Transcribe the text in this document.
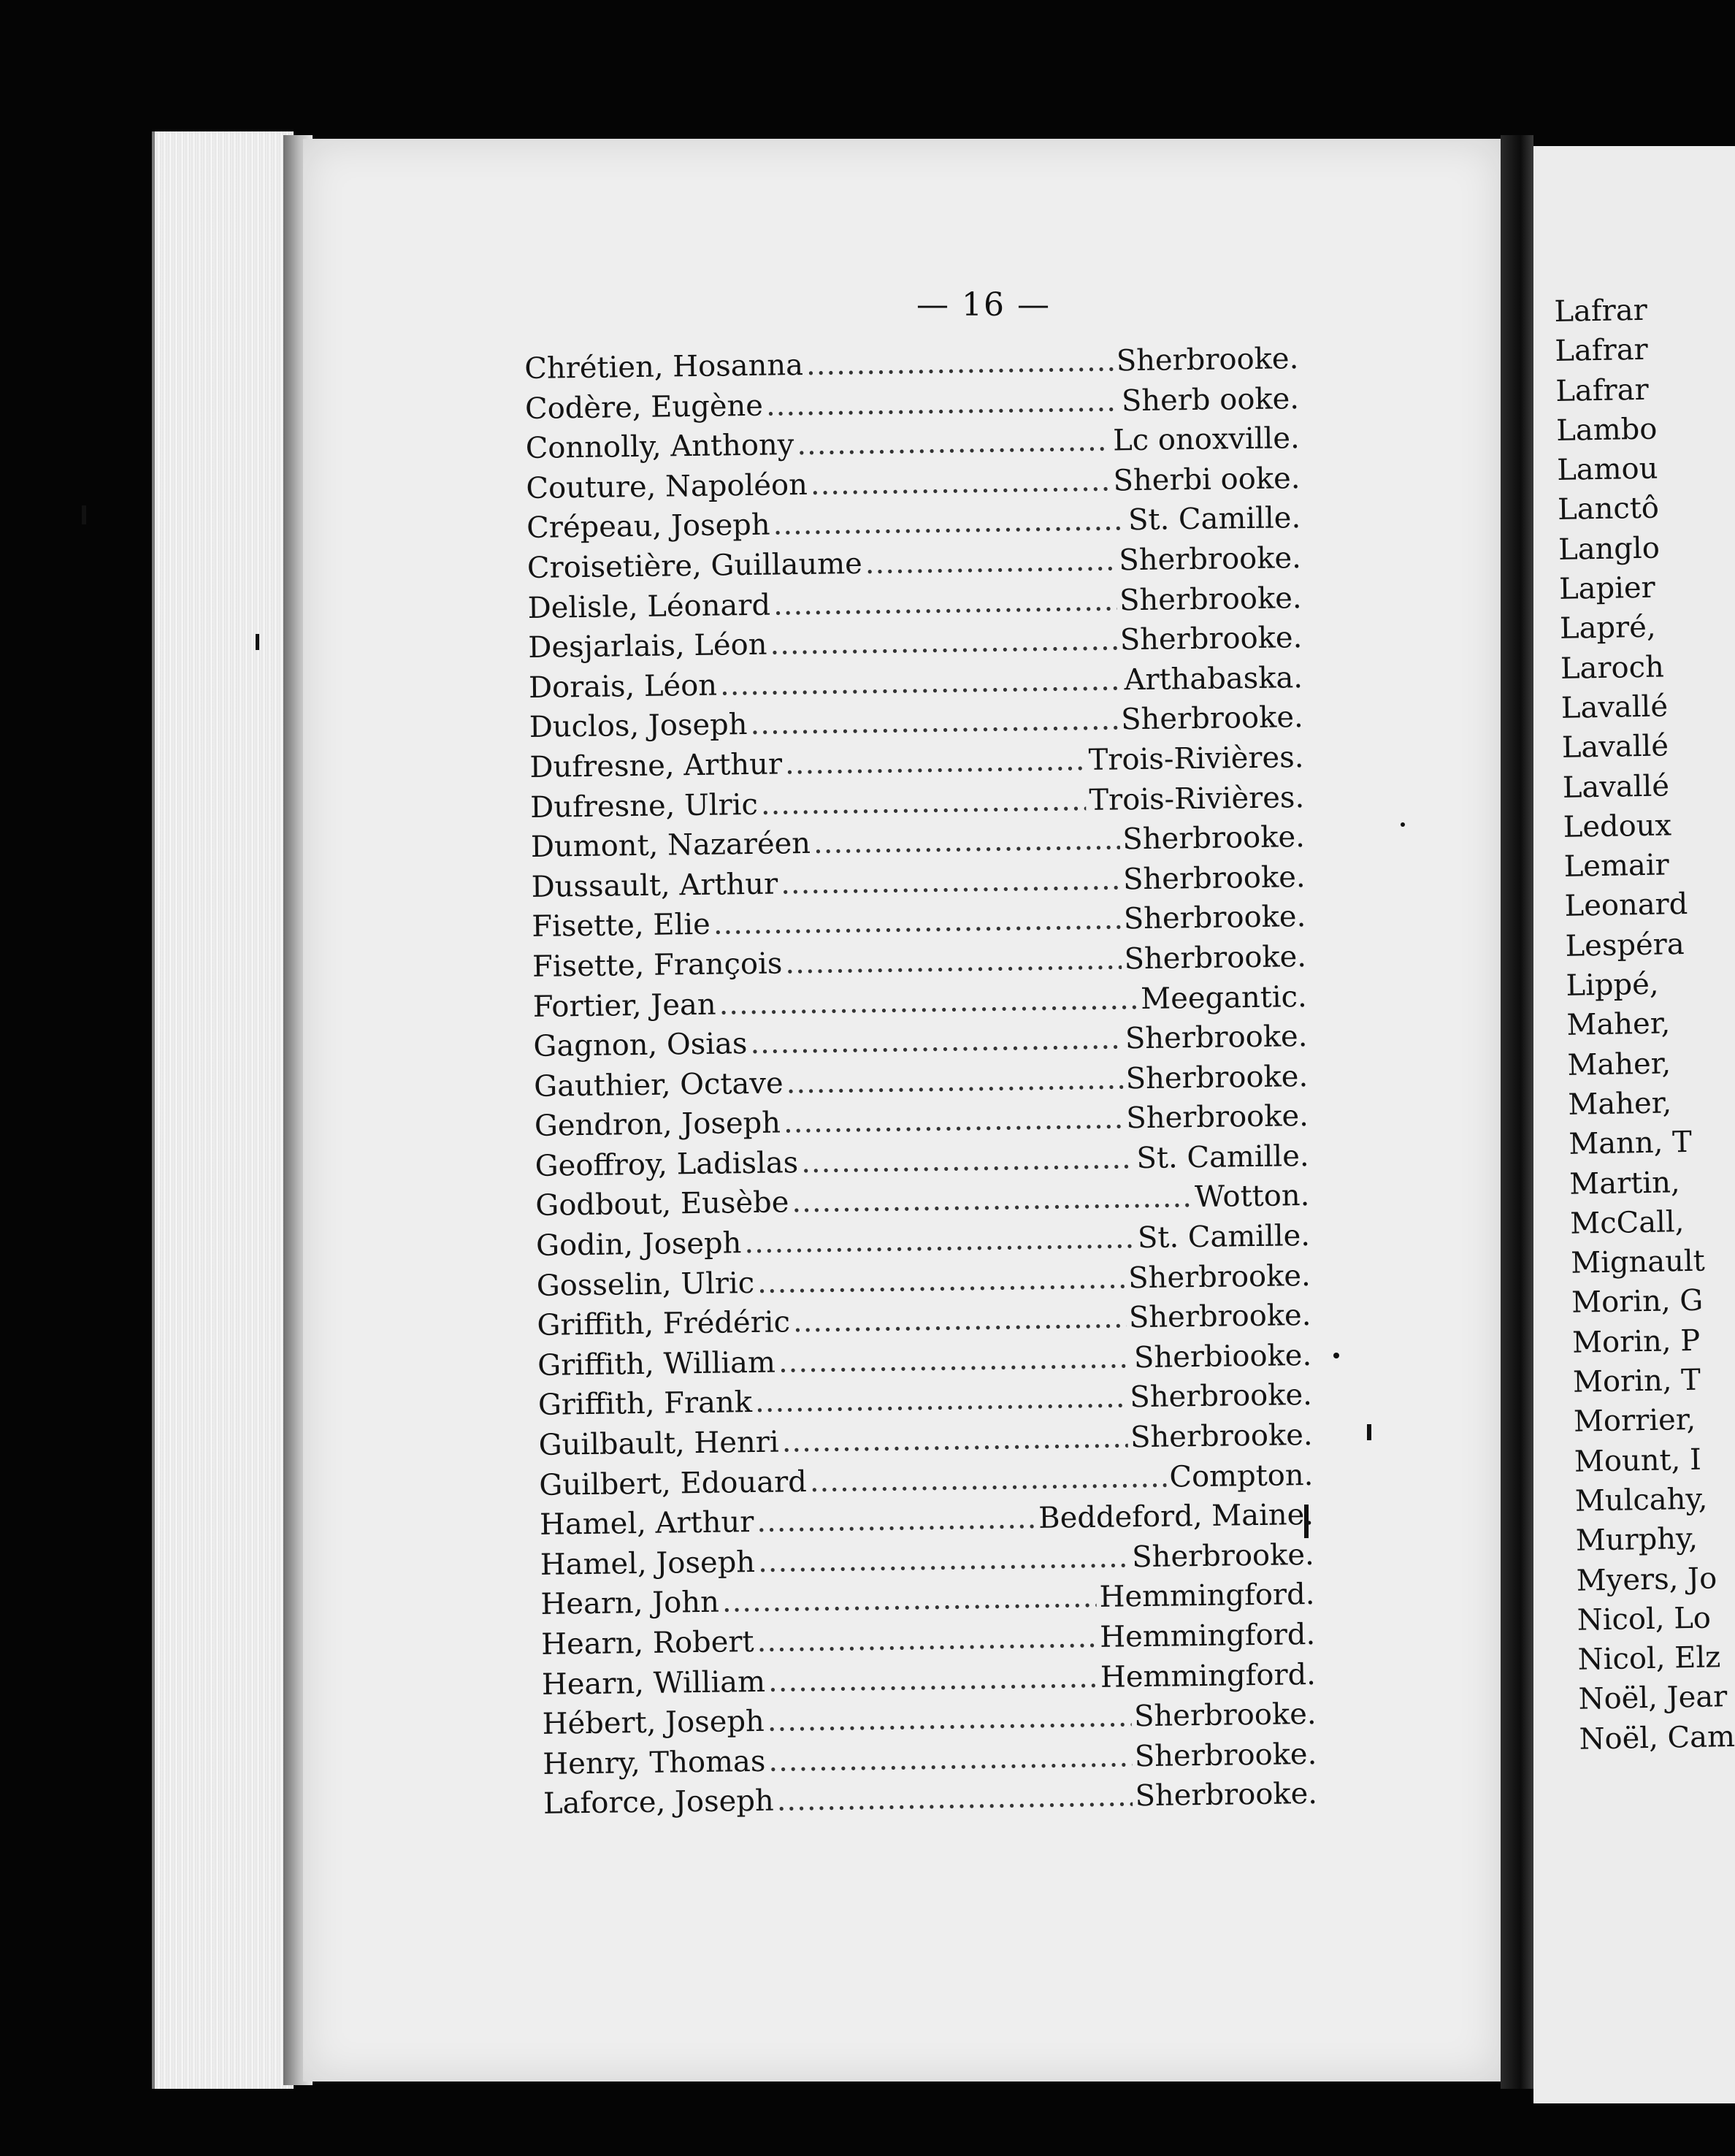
— 16 —
Chrétien, Hosanna .....	Sherbrooke.
Codère, Eugène .....	Sherb ooke.
Connolly, Anthony .....	Lc onoxville.
Couture, Napoléon .....	Sherbi ooke.
Crépeau, Joseph .....	St. Camille.
Croisetière, Guillaume .....	Sherbrooke.
Delisle, Léonard .....	Sherbrooke.
Desjarlais, Léon .....	Sherbrooke.
Dorais, Léon .....	Arthabaska.
Duclos, Joseph .....	Sherbrooke.
Dufresne, Arthur .....	Trois-Rivières.
Dufresne, Ulric .....	Trois-Rivières.
Dumont, Nazaréen .....	Sherbrooke.
Dussault, Arthur .....	Sherbrooke.
Fisette, Elie .....	Sherbrooke.
Fisette, François .....	Sherbrooke.
Fortier, Jean .....	Meegantic.
Gagnon, Osias .....	Sherbrooke.
Gauthier, Octave .....	Sherbrooke.
Gendron, Joseph .....	Sherbrooke.
Geoffroy, Ladislas .....	St. Camille.
Godbout, Eusèbe .....	Wotton.
Godin, Joseph .....	St. Camille.
Gosselin, Ulric .....	Sherbrooke.
Griffith, Frédéric .....	Sherbrooke.
Griffith, William .....	Sherbiooke.
Griffith, Frank .....	Sherbrooke.
Guilbault, Henri .....	Sherbrooke.
Guilbert, Edouard .....	Compton.
Hamel, Arthur .....	Beddeford, Maine.
Hamel, Joseph .....	Sherbrooke.
Hearn, John .....	Hemmingford.
Hearn, Robert .....	Hemmingford.
Hearn, William .....	Hemmingford.
Hébert, Joseph .....	Sherbrooke.
Henry, Thomas .....	Sherbrooke.
Laforce, Joseph .....	Sherbrooke.
Lafrar
Lafrar
Lafrar
Lambo
Lamou
Lanctô
Langlo
Lapier
Lapré,
Laroch
Lavallé
Lavallé
Lavallé
Ledoux
Lemair
Leonard
Lespéra
Lippé,
Maher,
Maher,
Maher,
Mann, T
Martin,
McCall,
Mignault
Morin, G
Morin, P
Morin, T
Morrier,
Mount, I
Mulcahy,
Murphy,
Myers, Jo
Nicol, Lo
Nicol, Elz
Noël, Jear
Noël, Cam
